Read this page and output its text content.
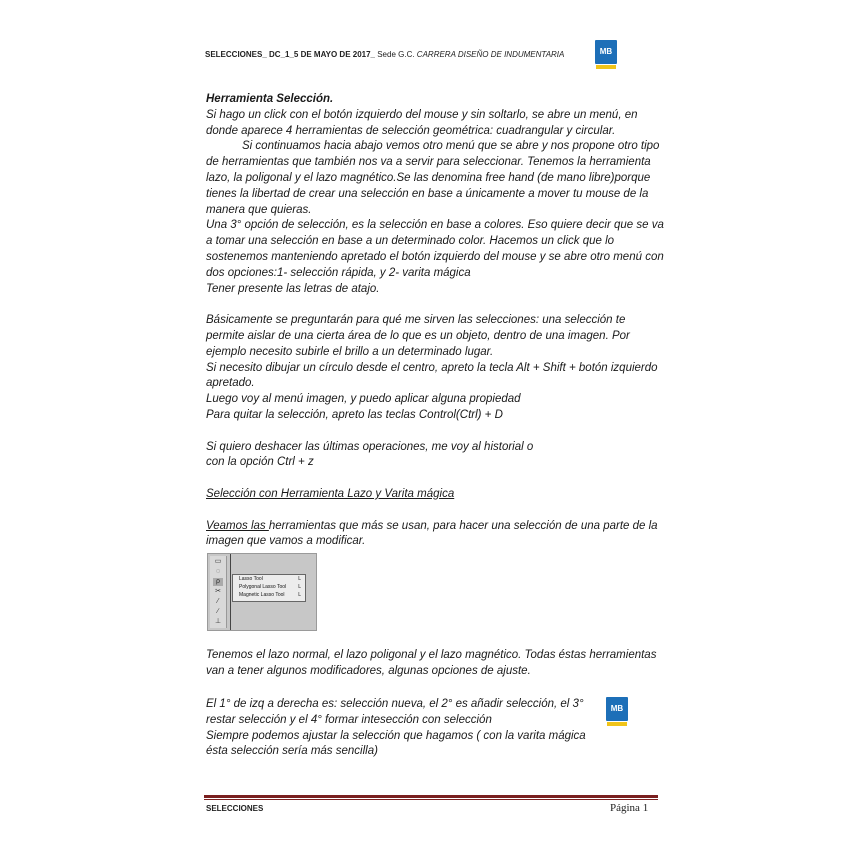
SELECCIONES_ DC_1_5 DE MAYO DE 2017_ Sede G.C. CARRERA DISEÑO DE INDUMENTARIA	MB

Herramienta Selección.

Si hago un click con el botón izquierdo del mouse y sin soltarlo, se abre un menú, en donde aparece 4 herramientas de selección geométrica: cuadrangular y circular.

Si continuamos hacia abajo vemos otro menú que se abre y nos propone otro tipo de herramientas que también nos va a servir para seleccionar. Tenemos la herramienta lazo, la poligonal y el lazo magnético.Se las denomina free hand (de mano libre)porque tienes la libertad de crear una selección en base a únicamente a mover tu mouse de la manera que quieras.

Una 3° opción de selección, es la selección en base a colores. Eso quiere decir que se va a tomar una selección en base a un determinado color. Hacemos un click que lo sostenemos manteniendo apretado el botón izquierdo del mouse y se abre otro menú con dos opciones:1- selección rápida, y 2- varita mágica

Tener presente las letras de atajo.

Básicamente se preguntarán para qué me sirven las selecciones: una selección te permite aislar de una cierta área de lo que es un objeto, dentro de una imagen. Por ejemplo necesito subirle el brillo a un determinado lugar.

Si necesito dibujar un círculo desde el centro, apreto la tecla Alt + Shift + botón izquierdo apretado.

Luego voy al menú imagen, y puedo aplicar alguna propiedad

Para quitar la selección, apreto las teclas Control(Ctrl) + D

Si quiero deshacer las últimas operaciones, me voy al historial o

con la opción Ctrl + z

Selección con Herramienta Lazo y Varita mágica

Veamos las herramientas que más se usan, para hacer una selección de una parte de la imagen que vamos a modificar.

▭
◌
ρ
✂
⁄
∕
⊥
Lasso Tool	L
Polygonal Lasso Tool L
Magnetic Lasso Tool	L

Tenemos el lazo normal, el lazo poligonal y el lazo magnético. Todas éstas herramientas van a tener algunos modificadores, algunas opciones de ajuste.

El 1° de izq a derecha es: selección nueva, el 2° es añadir selección, el 3° restar selección y el 4° formar intesección con selección

Siempre podemos ajustar la selección que hagamos ( con la varita mágica ésta selección sería más sencilla)

MB
SELECCIONES	Página 1
